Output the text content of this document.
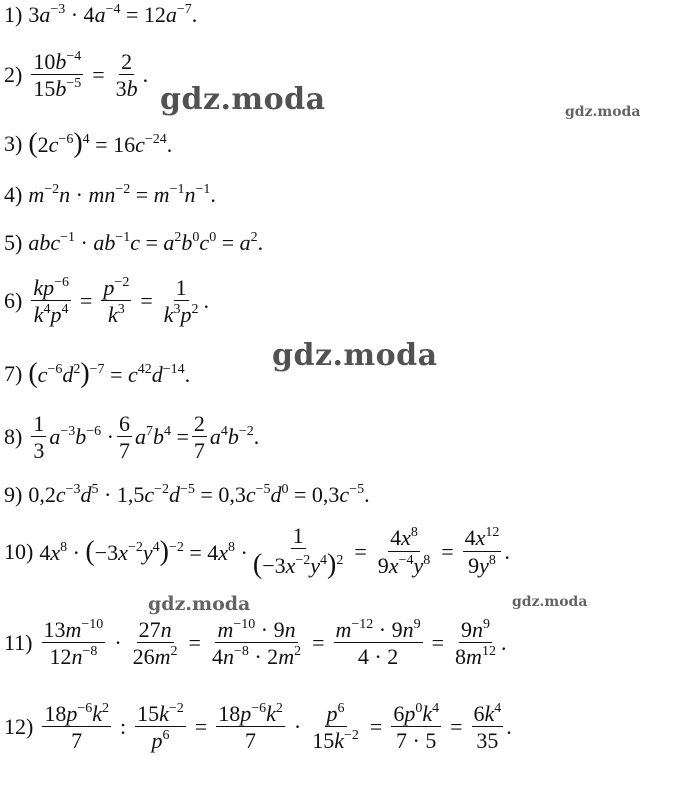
1) $3a^{-3} \cdot 4a^{-4} = 12a^{-7}$.
$2) \frac{10b^{-4}}{15b^{-5}} = \frac{2}{3b}$ .
3) $(2c^{-6})^4 = 16c^{-24}$.
4) $m^{-2}n \cdot mn^{-2} = m^{-1}n^{-1}$.
5) $abc^{-1} \cdot ab^{-1}c = a^2b^0c^0 = a^2$.
$6) \frac{kp^{-6}}{k^4p^4} = \frac{p^{-2}}{k^3} = \frac{1}{k^3p^2}$ .
7) $(c^{-6}d^2)^{-7} = c^{42}d^{-14}$.
$8) \frac{1}{3} a^{-3}b^{-6} \cdot \frac{6}{7} a^7b^4 = \frac{2}{7} a^4b^{-2}$.
9) $0,2c^{-3}d^5 \cdot 1,5c^{-2}d^{-5} = 0,3c^{-5}d^0 = 0,3c^{-5}$.
10) $4x^8 \cdot (-3x^{-2}y^4)^{-2} = 4x^8 \cdot \frac{1}{(-3x^{-2}y^4)^2} = \frac{4x^8}{9x^{-4}y^8} = \frac{4x^{12}}{9y^8}$ .
$11) \frac{13m^{-10}}{12n^{-8}} \cdot \frac{27n}{26m^2} = \frac{m^{-10} \cdot 9n}{4n^{-8} \cdot 2m^2} = \frac{m^{-12} \cdot 9n^9}{4 \cdot 2} = \frac{9n^9}{8m^{12}}$ .
$12) \frac{18p^{-6}k^2}{7}$ : $\frac{15k^{-2}}{p^6} = \frac{18p^{-6}k^2}{7} \cdot \frac{p^6}{15k^{-2}} = \frac{6p^0k^4}{7 \cdot 5} = \frac{6k^4}{35}$ .
gdz.moda	gdz.moda
gdz.moda
gdz.moda	gdz.moda
